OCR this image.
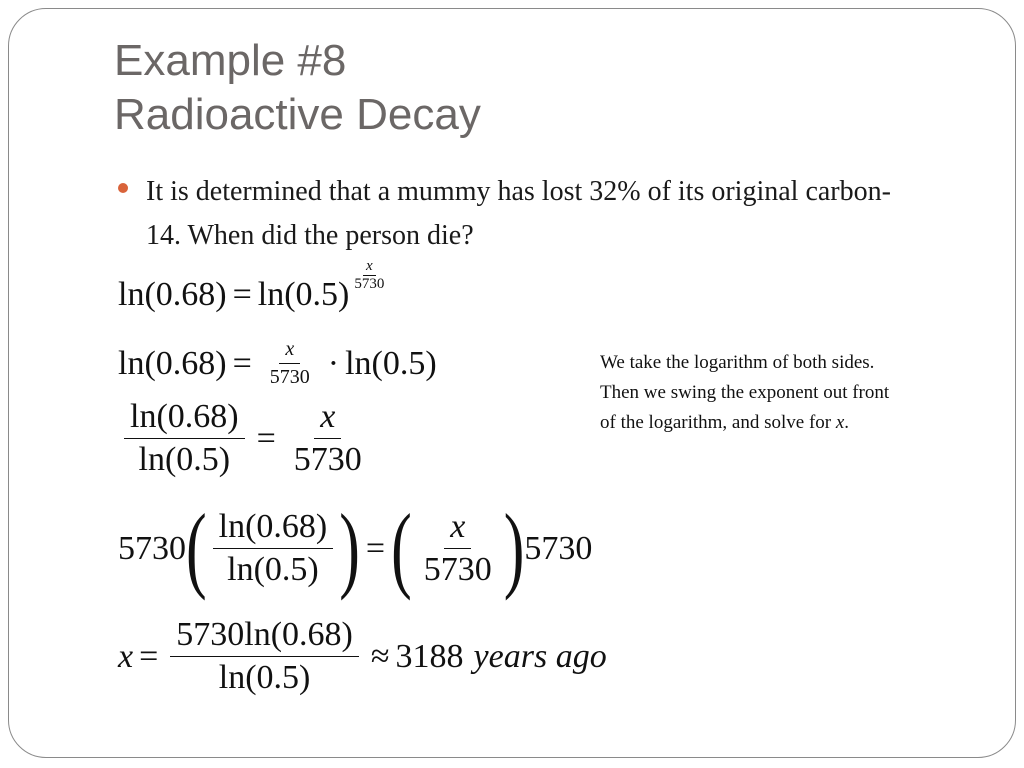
Example #8
Radioactive Decay
It is determined that a mummy has lost 32% of its original carbon-14. When did the person die?
ln(0.68) = ln(0.5)
$\frac{x}{5730}$
$\ln(0.68) = \frac{x}{5730} \cdot \ln(0.5)$
$\frac{\ln(0.68)}{\ln(0.5)} = \frac{x}{5730}$
5730 ( $\frac{\ln(0.68)}{\ln(0.5)}$ ) = ( $\frac{x}{5730}$ ) 5730
$x = \frac{5730\ln(0.68)}{\ln(0.5)} \approx 3188$ years ago
We take the logarithm of both sides. Then we swing the exponent out front of the logarithm, and solve for x.
